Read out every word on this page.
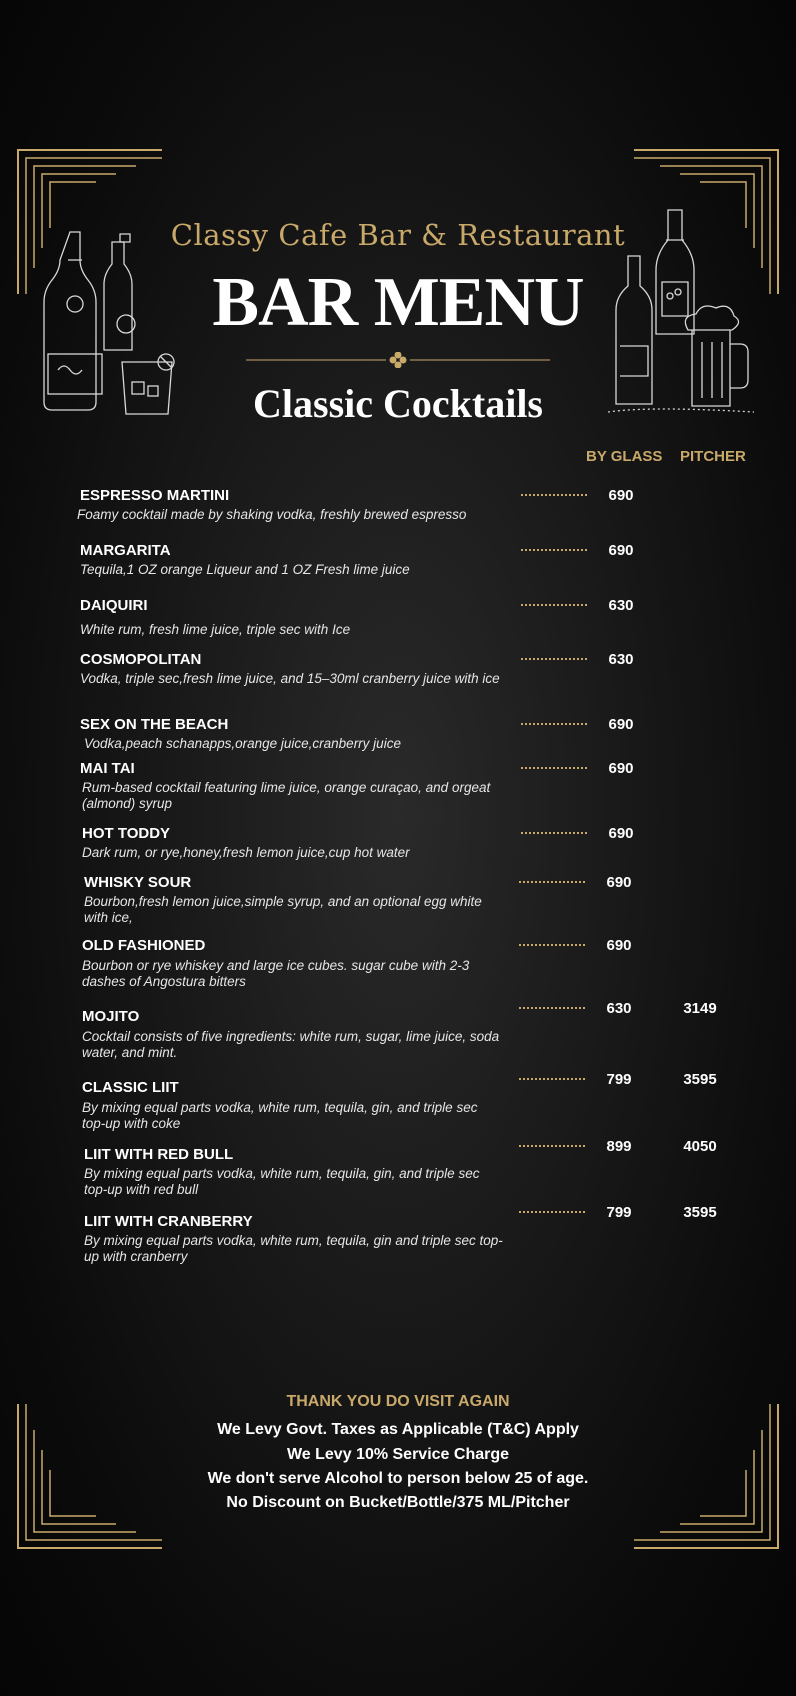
Classy Cafe Bar & Restaurant
BAR MENU
Classic Cocktails
BY GLASS PITCHER
ESPRESSO MARTINI
Foamy cocktail made by shaking vodka, freshly brewed espresso
690
MARGARITA
Tequila,1 OZ orange Liqueur and 1 OZ Fresh lime juice
690
DAIQUIRI
White rum, fresh lime juice, triple sec with Ice
630
COSMOPOLITAN
Vodka, triple sec,fresh lime juice, and 15–30ml cranberry juice with ice
630
SEX ON THE BEACH
Vodka,peach schanapps,orange juice,cranberry juice
690
MAI TAI
Rum-based cocktail featuring lime juice, orange curaçao, and orgeat (almond) syrup
690
HOT TODDY
Dark rum, or rye,honey,fresh lemon juice,cup hot water
690
WHISKY SOUR
Bourbon,fresh lemon juice,simple syrup, and an optional egg white with ice,
690
OLD FASHIONED
Bourbon or rye whiskey and large ice cubes. sugar cube with 2-3 dashes of Angostura bitters
690
MOJITO
Cocktail consists of five ingredients: white rum, sugar, lime juice, soda water, and mint.
630	3149
CLASSIC LIIT
By mixing equal parts vodka, white rum, tequila, gin, and triple sec top-up with coke
799	3595
LIIT WITH RED BULL
By mixing equal parts vodka, white rum, tequila, gin, and triple sec top-up with red bull
899	4050
LIIT WITH CRANBERRY
By mixing equal parts vodka, white rum, tequila, gin and triple sec top-up with cranberry
799	3595
THANK YOU DO VISIT AGAIN
We Levy Govt. Taxes as Applicable (T&C) Apply
We Levy 10% Service Charge
We don't serve Alcohol to person below 25 of age.
No Discount on Bucket/Bottle/375 ML/Pitcher
